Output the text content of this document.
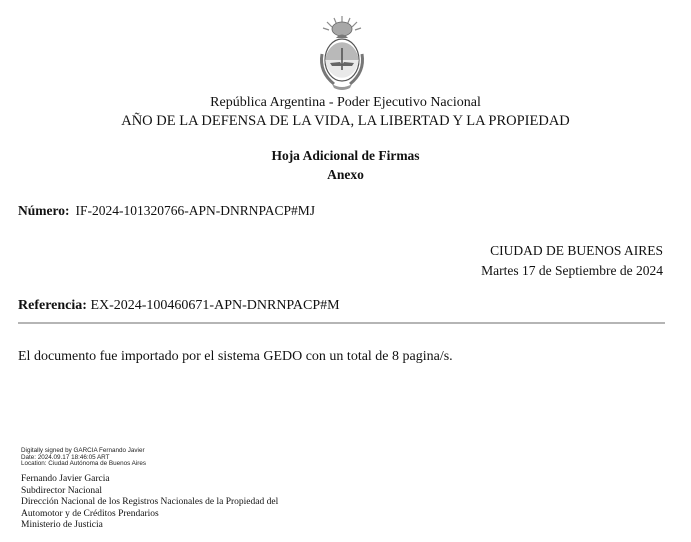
República Argentina - Poder Ejecutivo Nacional
AÑO DE LA DEFENSA DE LA VIDA, LA LIBERTAD Y LA PROPIEDAD
Hoja Adicional de Firmas
Anexo
Número: IF-2024-101320766-APN-DNRNPACP#MJ
CIUDAD DE BUENOS AIRES
Martes 17 de Septiembre de 2024
Referencia: EX-2024-100460671-APN-DNRNPACP#M
El documento fue importado por el sistema GEDO con un total de 8 pagina/s.
Digitally signed by GARCIA Fernando Javier
Date: 2024.09.17 18:46:05 ART
Location: Ciudad Autónoma de Buenos Aires
Fernando Javier Garcia
Subdirector Nacional
Dirección Nacional de los Registros Nacionales de la Propiedad del
Automotor y de Créditos Prendarios
Ministerio de Justicia
